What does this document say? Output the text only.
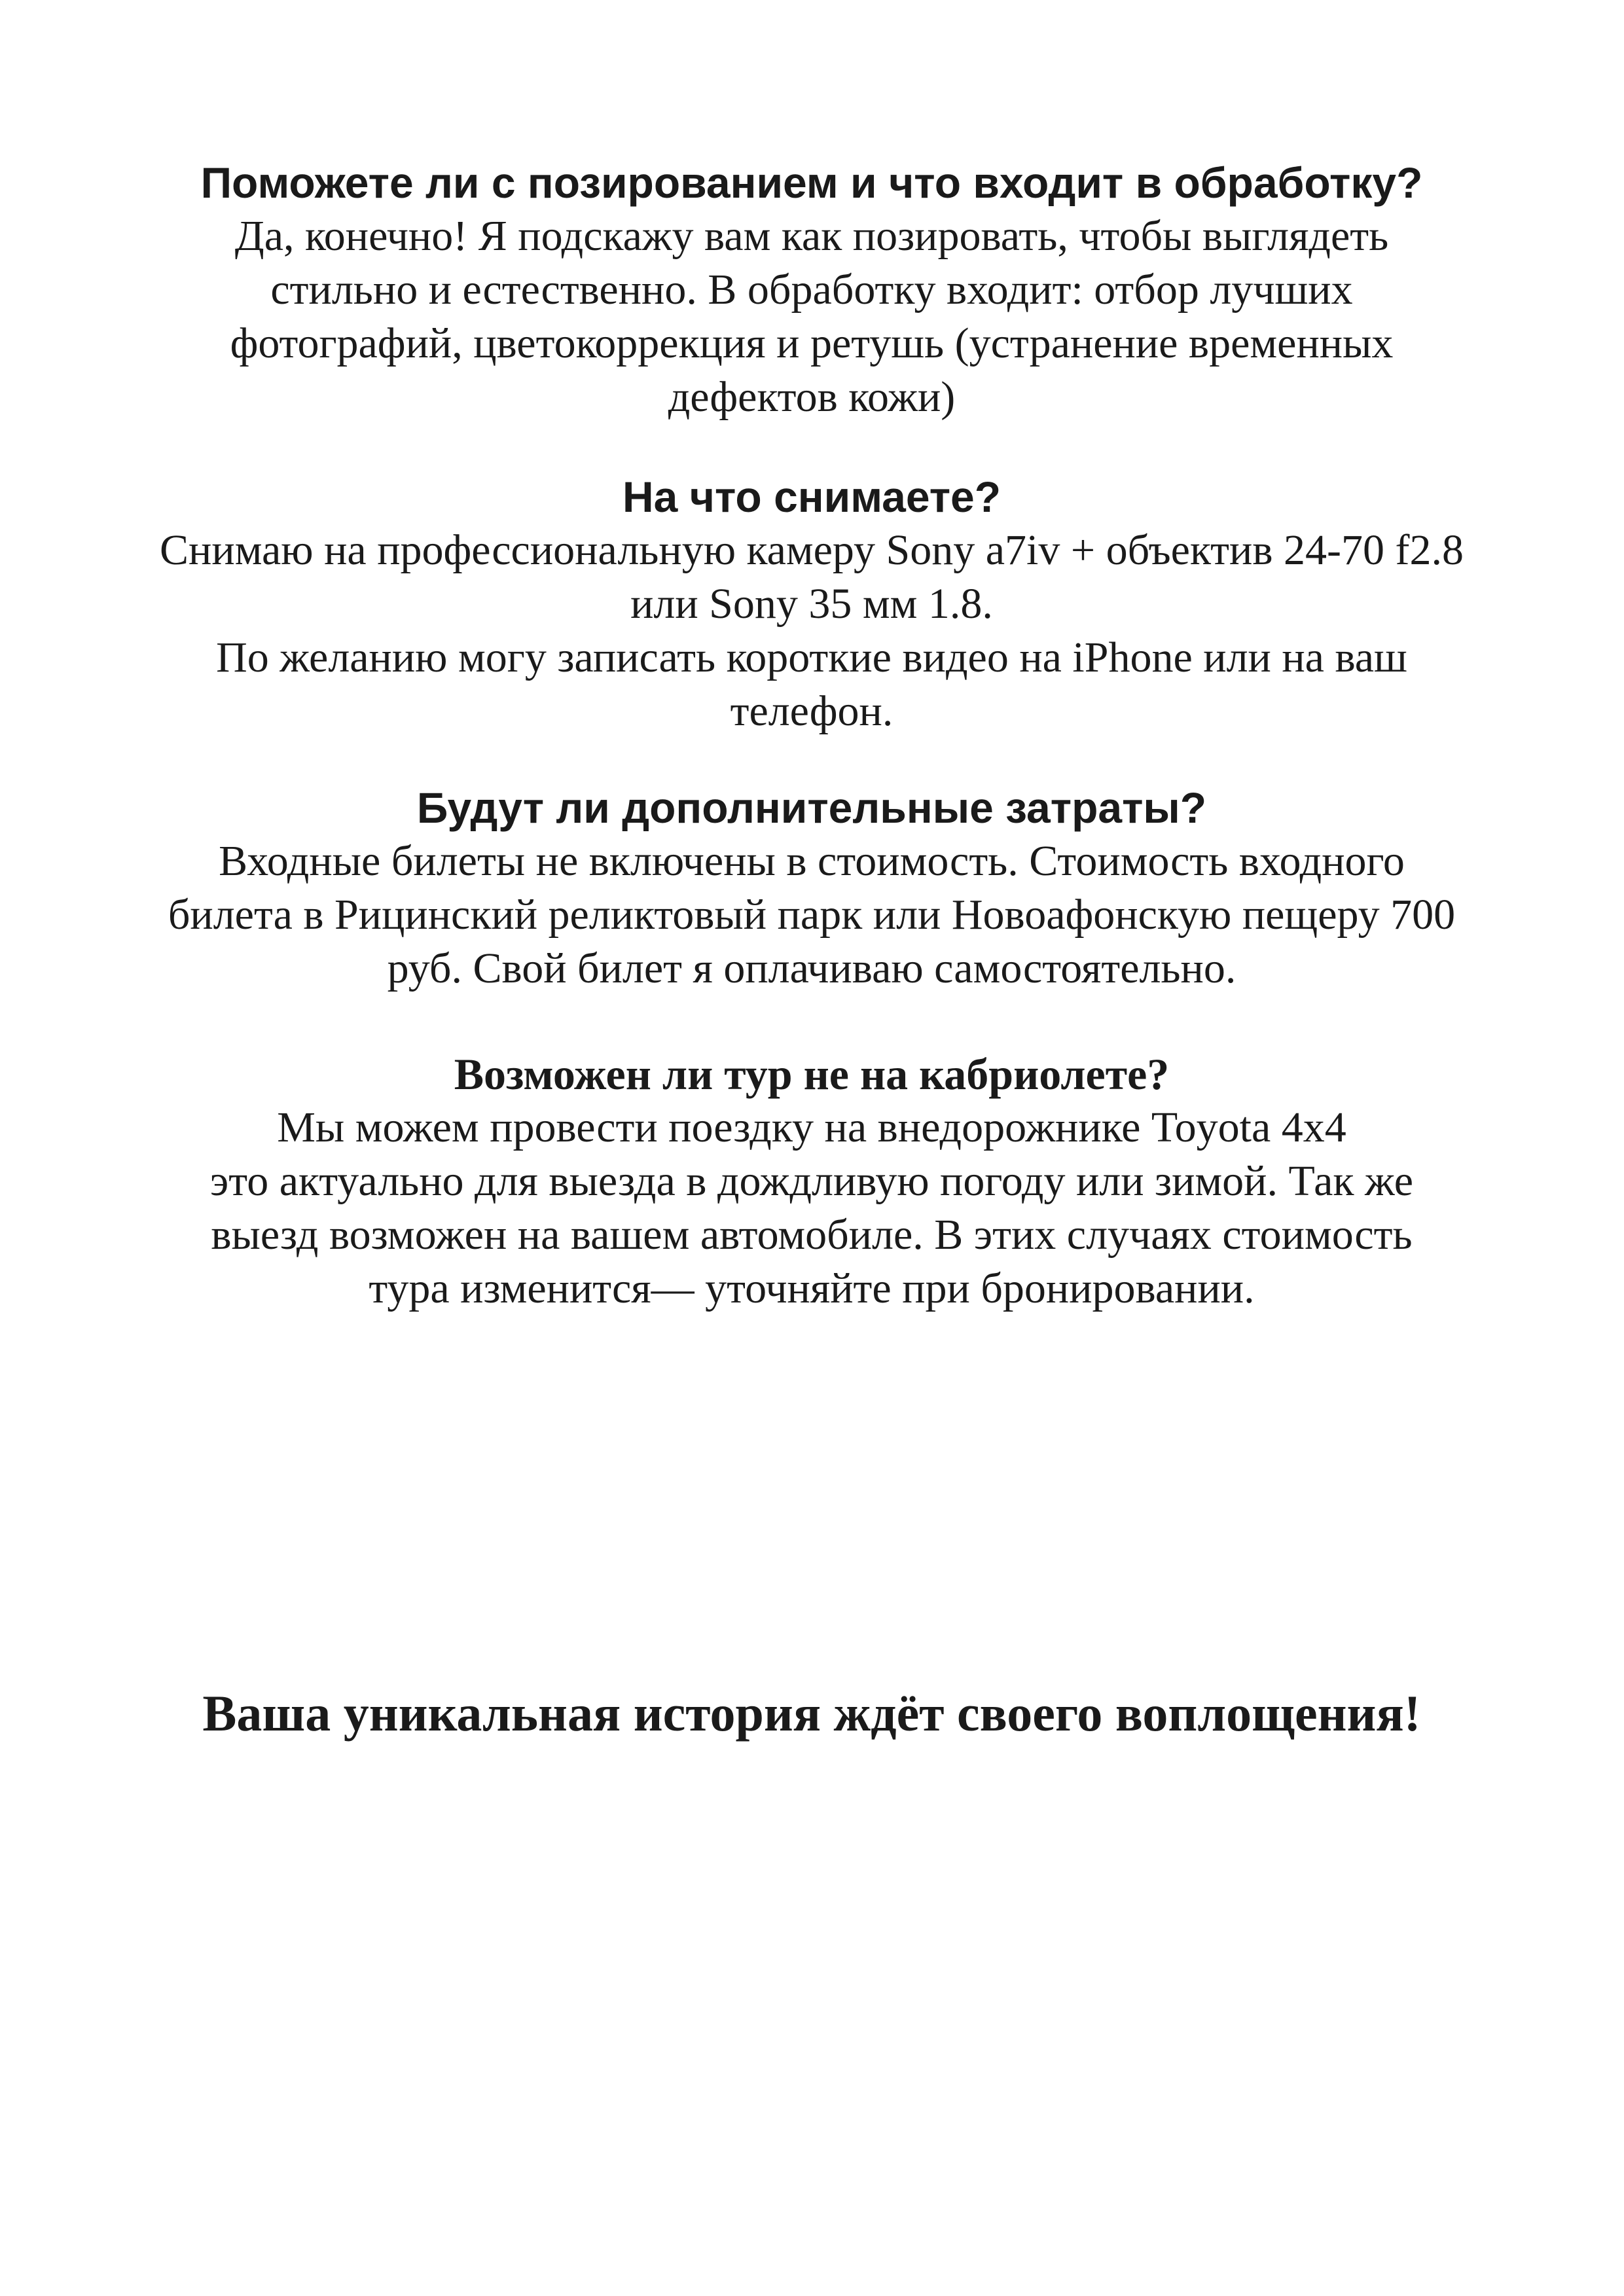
Поможете ли с позированием и что входит в обработку?

Да, конечно! Я подскажу вам как позировать, чтобы выглядеть
стильно и естественно. В обработку входит: отбор лучших
фотографий, цветокоррекция и ретушь (устранение временных
дефектов кожи)

На что снимаете?

Снимаю на профессиональную камеру Sony a7iv + объектив 24-70 f2.8
или Sony 35 мм 1.8.
По желанию могу записать короткие видео на iPhone или на ваш
телефон.

Будут ли дополнительные затраты?

Входные билеты не включены в стоимость. Стоимость входного
билета в Рицинский реликтовый парк или Новоафонскую пещеру 700
руб. Свой билет я оплачиваю самостоятельно.

Возможен ли тур не на кабриолете?

Мы можем провести поездку на внедорожнике Toyota 4x4
это актуально для выезда в дождливую погоду или зимой. Так же
выезд возможен на вашем автомобиле. В этих случаях стоимость
тура изменится— уточняйте при бронировании.

Ваша уникальная история ждёт своего воплощения!
